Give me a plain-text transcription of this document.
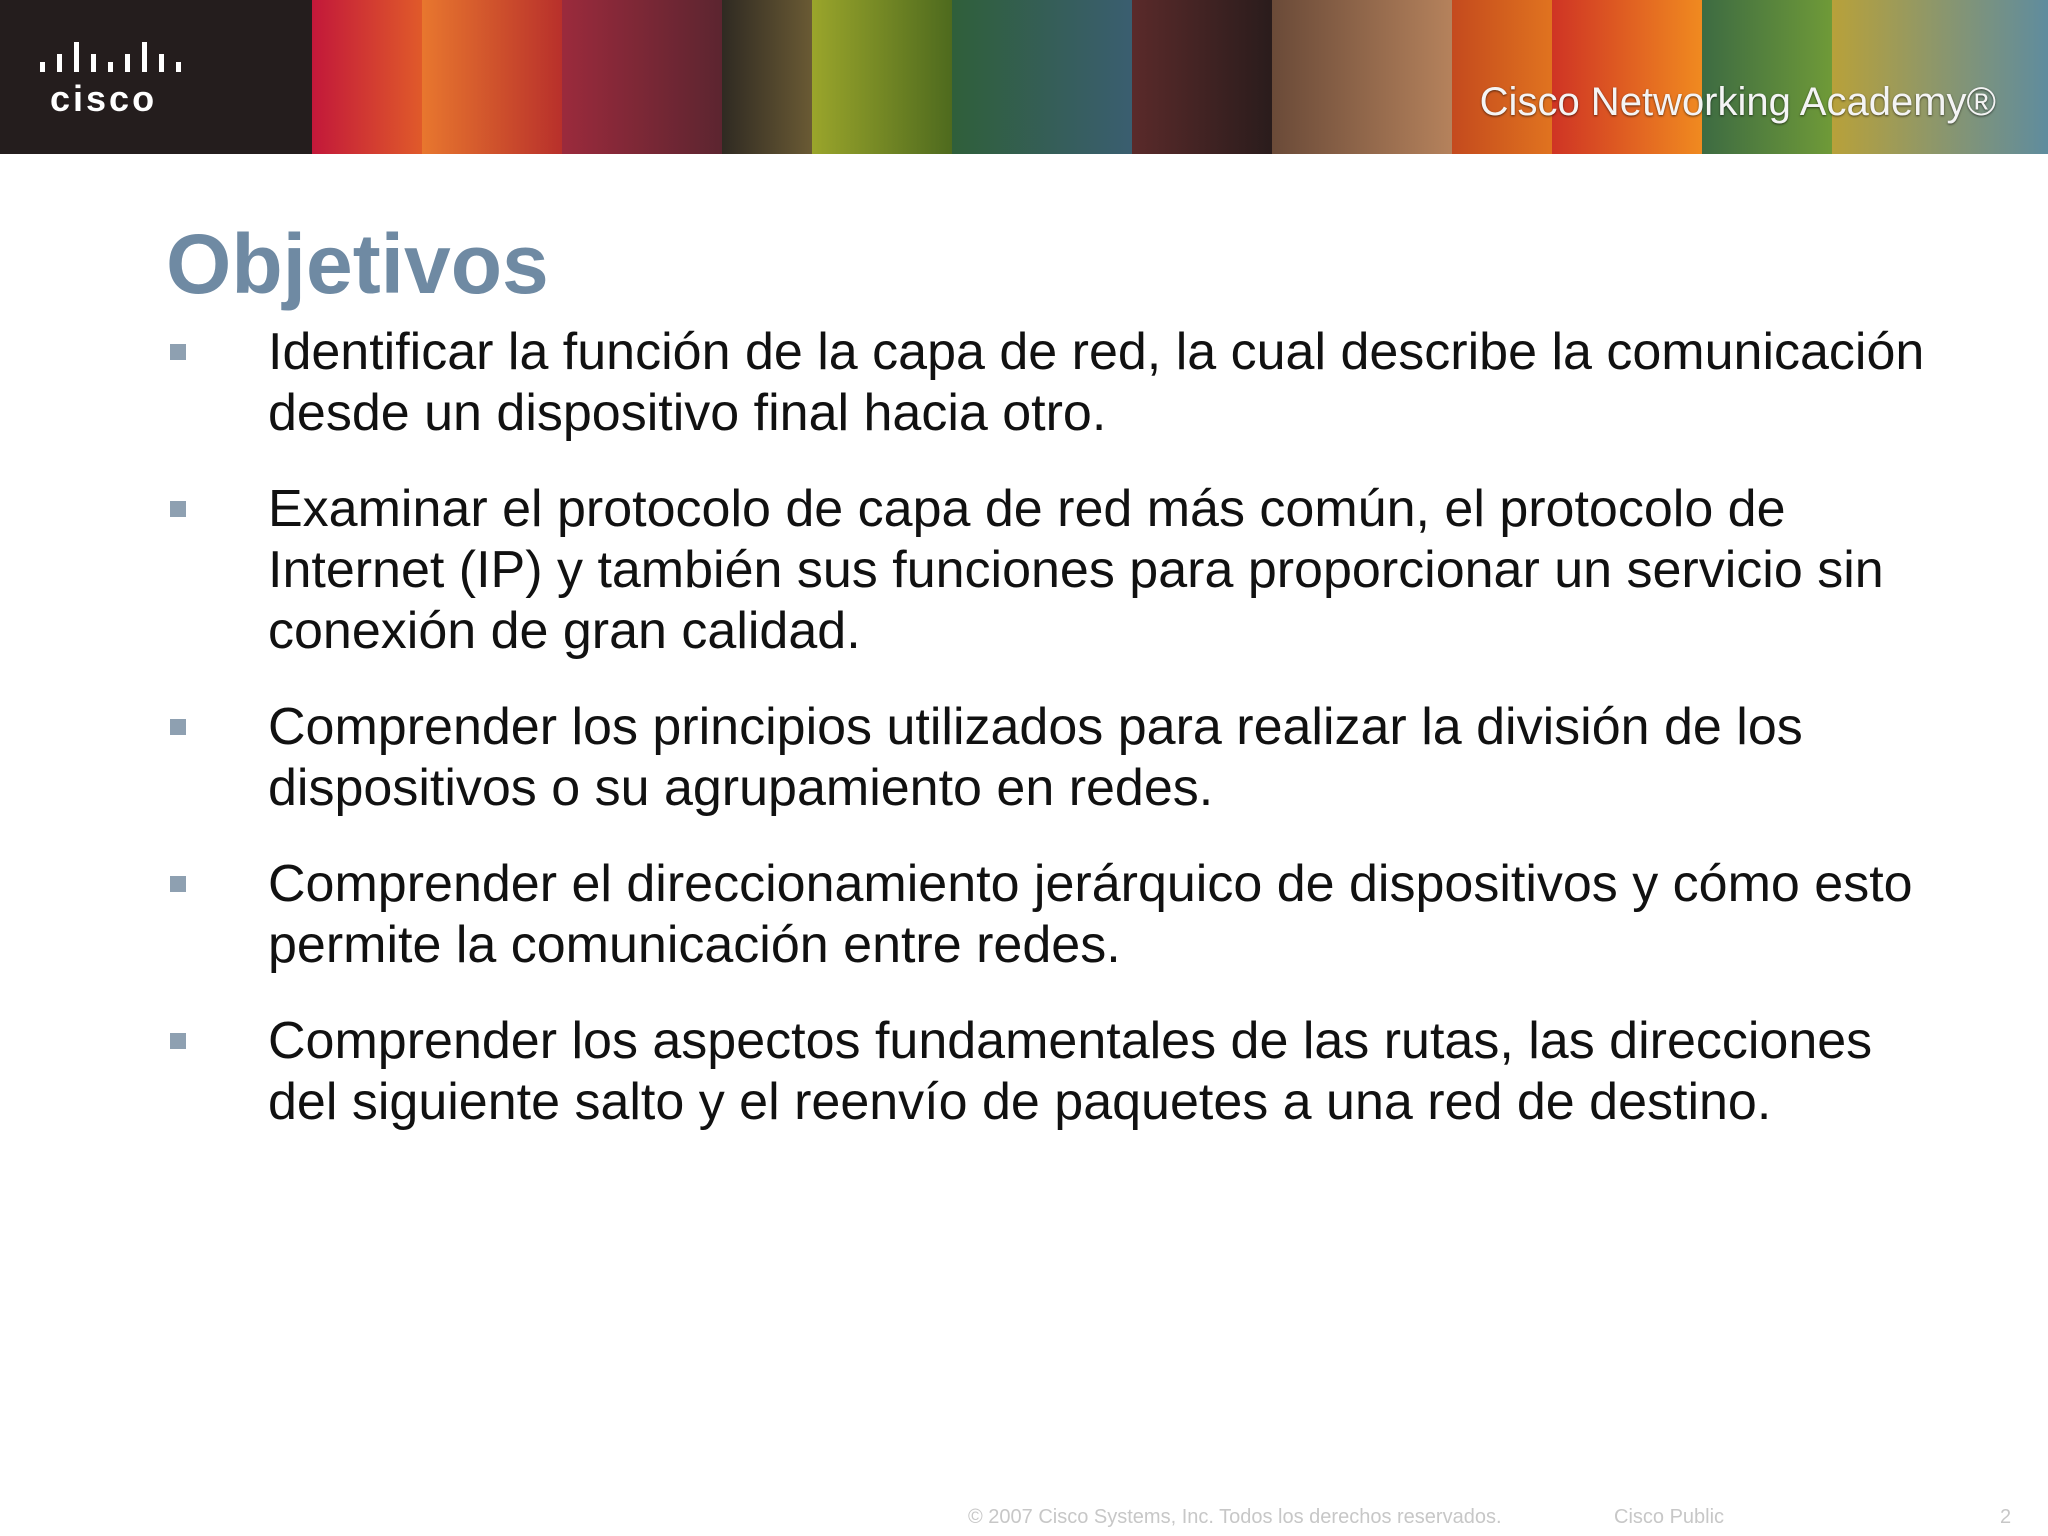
cisco	Cisco Networking Academy®
Objetivos
Identificar la función de la capa de red, la cual describe la comunicación desde un dispositivo final hacia otro.
Examinar el protocolo de capa de red más común, el protocolo de Internet (IP) y también sus funciones para proporcionar un servicio sin conexión de gran calidad.
Comprender los principios utilizados para realizar la división de los dispositivos o su agrupamiento en redes.
Comprender el direccionamiento jerárquico de dispositivos y cómo esto permite la comunicación entre redes.
Comprender los aspectos fundamentales de las rutas, las direcciones del siguiente salto y el reenvío de paquetes a una red de destino.
© 2007 Cisco Systems, Inc. Todos los derechos reservados.	Cisco Public	2
